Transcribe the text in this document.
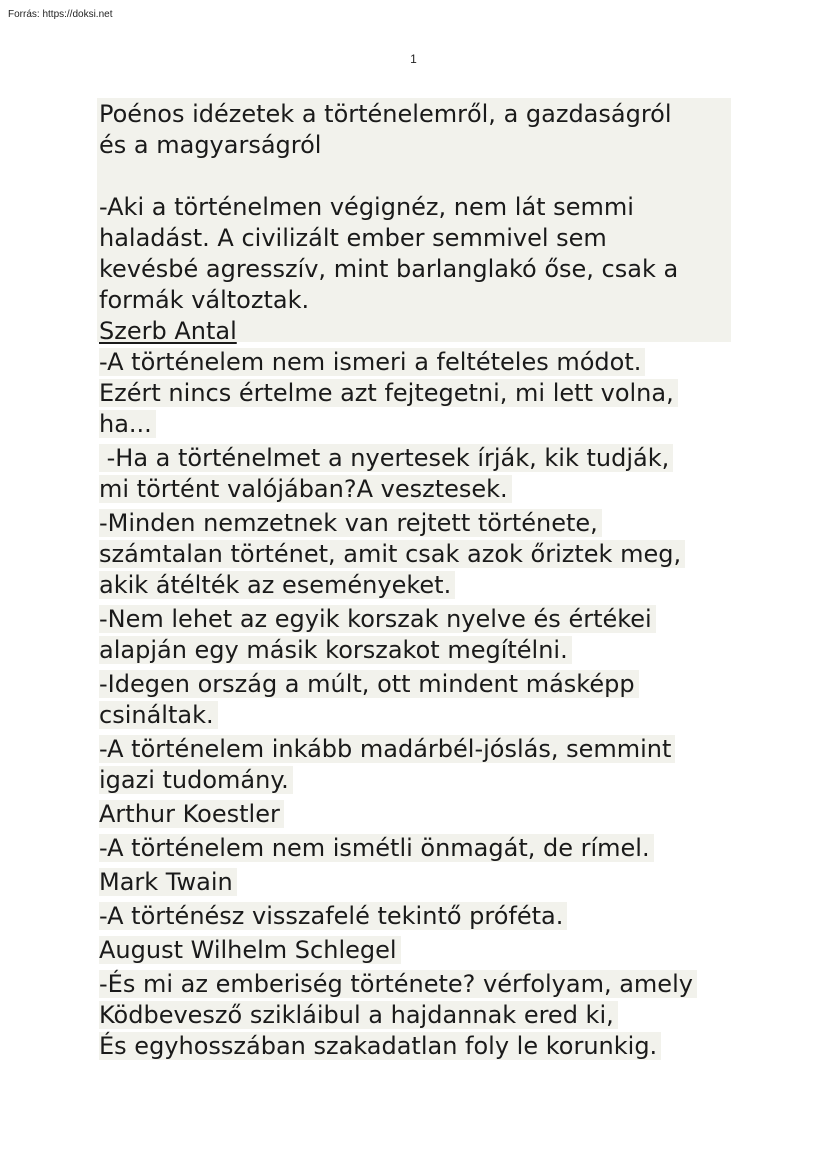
Forrás: https://doksi.net
1

Poénos idézetek a történelemről, a gazdaságról
és a magyarságról

-Aki a történelmen végignéz, nem lát semmi
haladást. A civilizált ember semmivel sem
kevésbé agresszív, mint barlanglakó őse, csak a
formák változtak.

Szerb Antal

-A történelem nem ismeri a feltételes módot.
Ezért nincs értelme azt fejtegetni, mi lett volna,
ha...

-Ha a történelmet a nyertesek írják, kik tudják,
mi történt valójában?A vesztesek.

-Minden nemzetnek van rejtett története,
számtalan történet, amit csak azok őriztek meg,
akik átélték az eseményeket.

-Nem lehet az egyik korszak nyelve és értékei
alapján egy másik korszakot megítélni.

-Idegen ország a múlt, ott mindent másképp
csináltak.

-A történelem inkább madárbél-jóslás, semmint
igazi tudomány.

Arthur Koestler

-A történelem nem ismétli önmagát, de rímel.

Mark Twain

-A történész visszafelé tekintő próféta.

August Wilhelm Schlegel

-És mi az emberiség története? vérfolyam, amely
Ködbevesző szikláibul a hajdannak ered ki,
És egyhosszában szakadatlan foly le korunkig.
